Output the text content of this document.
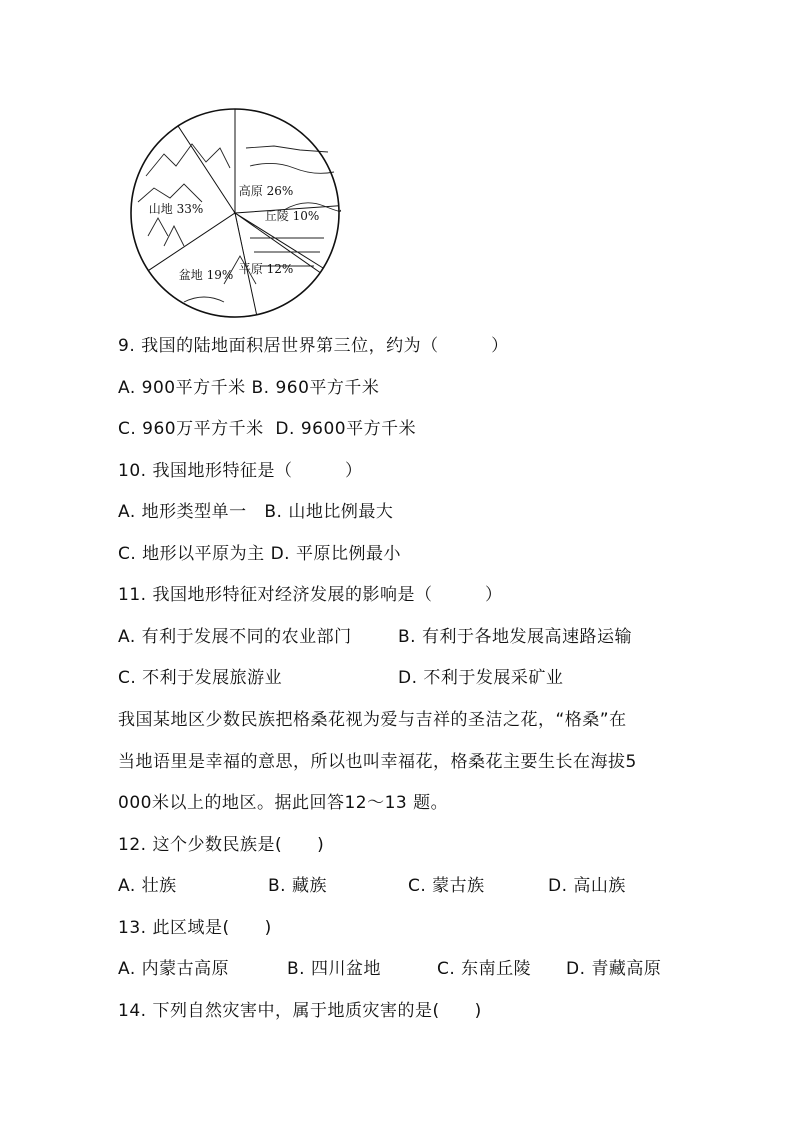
山地 33%
高原 26%
丘陵 10%
平原 12%
盆地 19%
9. 我国的陆地面积居世界第三位，约为（　　　）
A. 900平方千米 B. 960平方千米
C. 960万平方千米  D. 9600平方千米
10. 我国地形特征是（　　　）
A. 地形类型单一   B. 山地比例最大
C. 地形以平原为主 D. 平原比例最小
11. 我国地形特征对经济发展的影响是（　　　）
A. 有利于发展不同的农业部门	B. 有利于各地发展高速路运输
C. 不利于发展旅游业	D. 不利于发展采矿业
我国某地区少数民族把格桑花视为爱与吉祥的圣洁之花，“格桑”在
当地语里是幸福的意思，所以也叫幸福花，格桑花主要生长在海拔5
000米以上的地区。据此回答12～13 题。
12. 这个少数民族是(　　)
A. 壮族	B. 藏族	C. 蒙古族	D. 高山族
13. 此区域是(　　)
A. 内蒙古高原	B. 四川盆地	C. 东南丘陵 D. 青藏高原
14. 下列自然灾害中，属于地质灾害的是(　　)
